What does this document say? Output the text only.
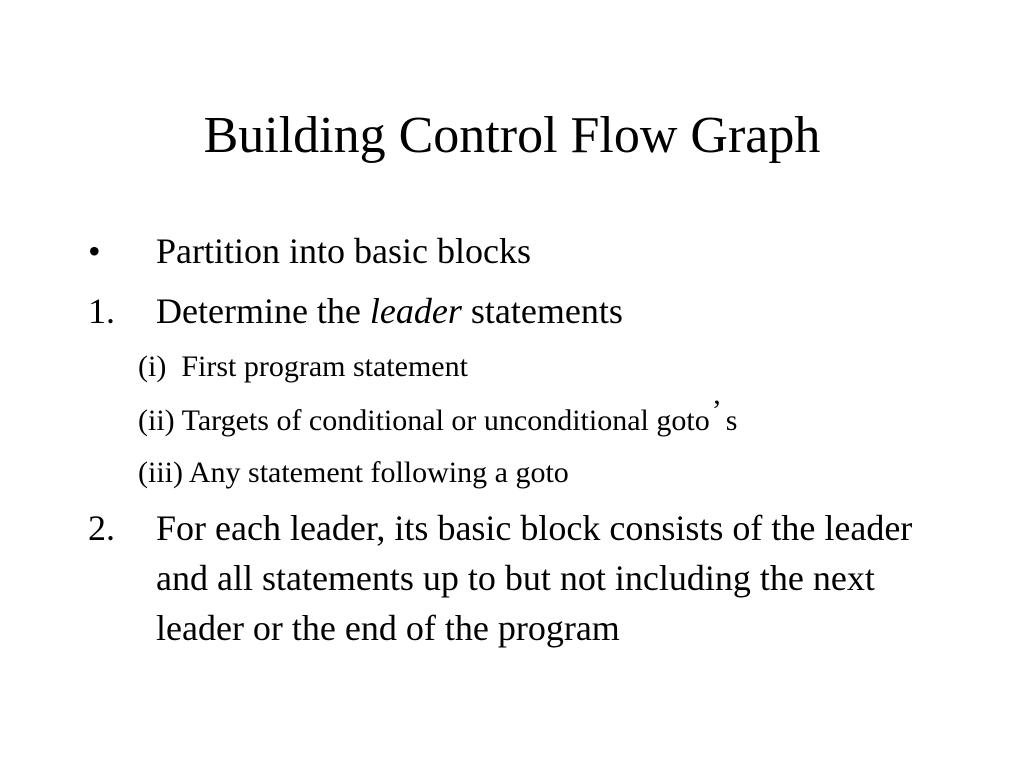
Building Control Flow Graph
• Partition into basic blocks
1. Determine the leader statements
(i) First program statement
(ii) Targets of conditional or unconditional goto’ s
(iii) Any statement following a goto
2. For each leader, its basic block consists of the leader and all statements up to but not including the next leader or the end of the program
